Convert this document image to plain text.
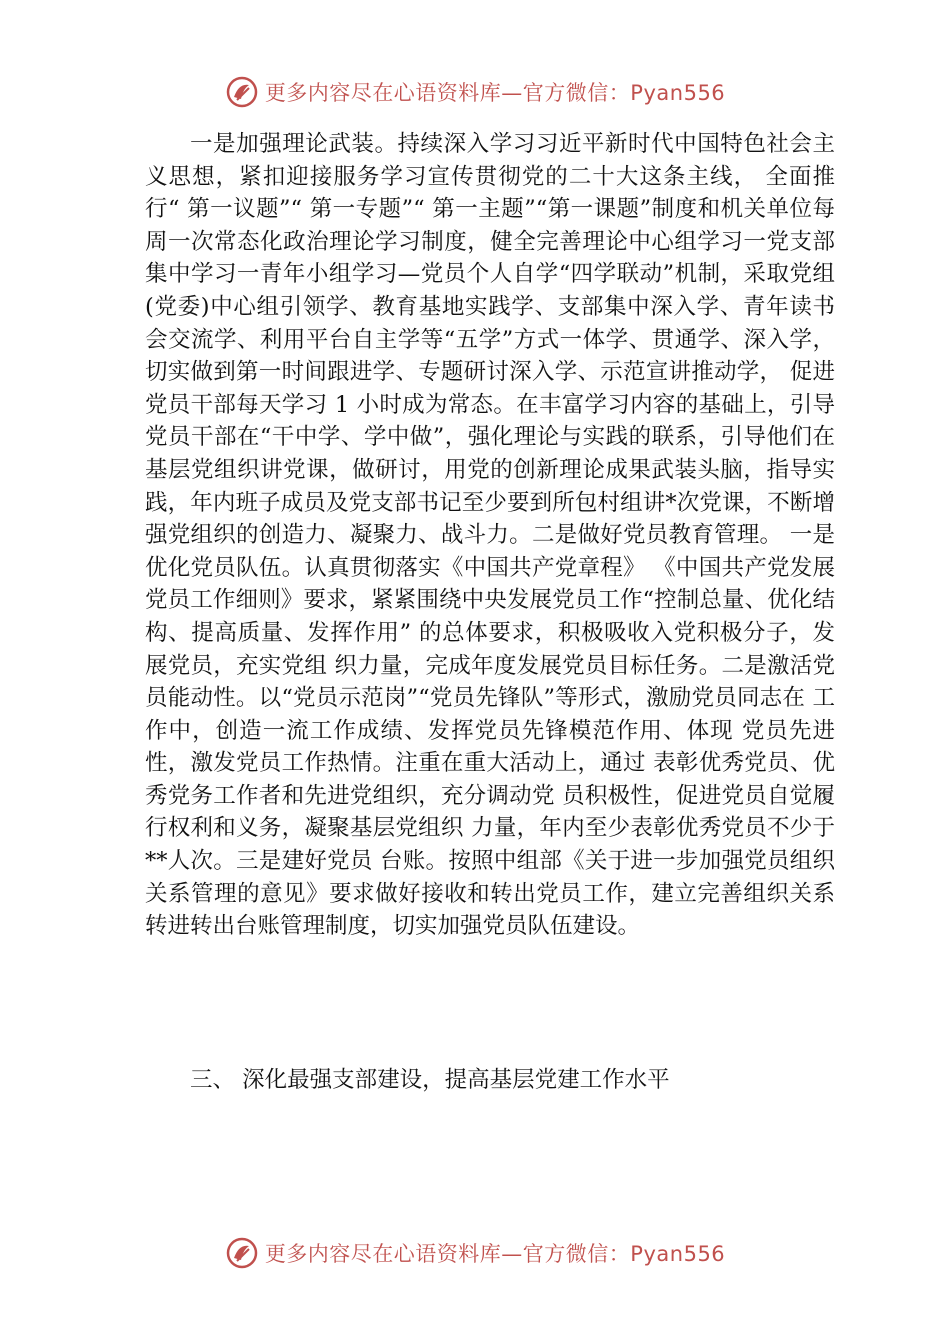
更多内容尽在心语资料库—官方微信：Pyan556

一是加强理论武装。持续深入学习习近平新时代中国特色社会主义思想，紧扣迎接服务学习宣传贯彻党的二十大这条主线， 全面推行“ 第一议题”“ 第一专题”“ 第一主题”“第一课题”制度和机关单位每周一次常态化政治理论学习制度，健全完善理论中心组学习一党支部集中学习一青年小组学习—党员个人自学“四学联动”机制，采取党组(党委)中心组引领学、教育基地实践学、支部集中深入学、青年读书会交流学、利用平台自主学等“五学”方式一体学、贯通学、深入学，切实做到第一时间跟进学、专题研讨深入学、示范宣讲推动学， 促进党员干部每天学习 1 小时成为常态。在丰富学习内容的基础上，引导党员干部在“干中学、学中做”，强化理论与实践的联系，引导他们在基层党组织讲党课，做研讨，用党的创新理论成果武装头脑，指导实践，年内班子成员及党支部书记至少要到所包村组讲*次党课，不断增强党组织的创造力、凝聚力、战斗力。二是做好党员教育管理。 一是优化党员队伍。认真贯彻落实《中国共产党章程》 《中国共产党发展党员工作细则》要求，紧紧围绕中央发展党员工作“控制总量、优化结构、提高质量、发挥作用” 的总体要求，积极吸收入党积极分子，发展党员，充实党组 织力量，完成年度发展党员目标任务。二是激活党员能动性。以“党员示范岗”“党员先锋队”等形式，激励党员同志在 工作中，创造一流工作成绩、发挥党员先锋模范作用、体现 党员先进性，激发党员工作热情。注重在重大活动上，通过 表彰优秀党员、优秀党务工作者和先进党组织，充分调动党 员积极性，促进党员自觉履行权利和义务，凝聚基层党组织 力量，年内至少表彰优秀党员不少于**人次。三是建好党员 台账。按照中组部《关于进一步加强党员组织关系管理的意见》要求做好接收和转出党员工作，建立完善组织关系转进转出台账管理制度，切实加强党员队伍建设。

三、 深化最强支部建设，提高基层党建工作水平
更多内容尽在心语资料库—官方微信：Pyan556
